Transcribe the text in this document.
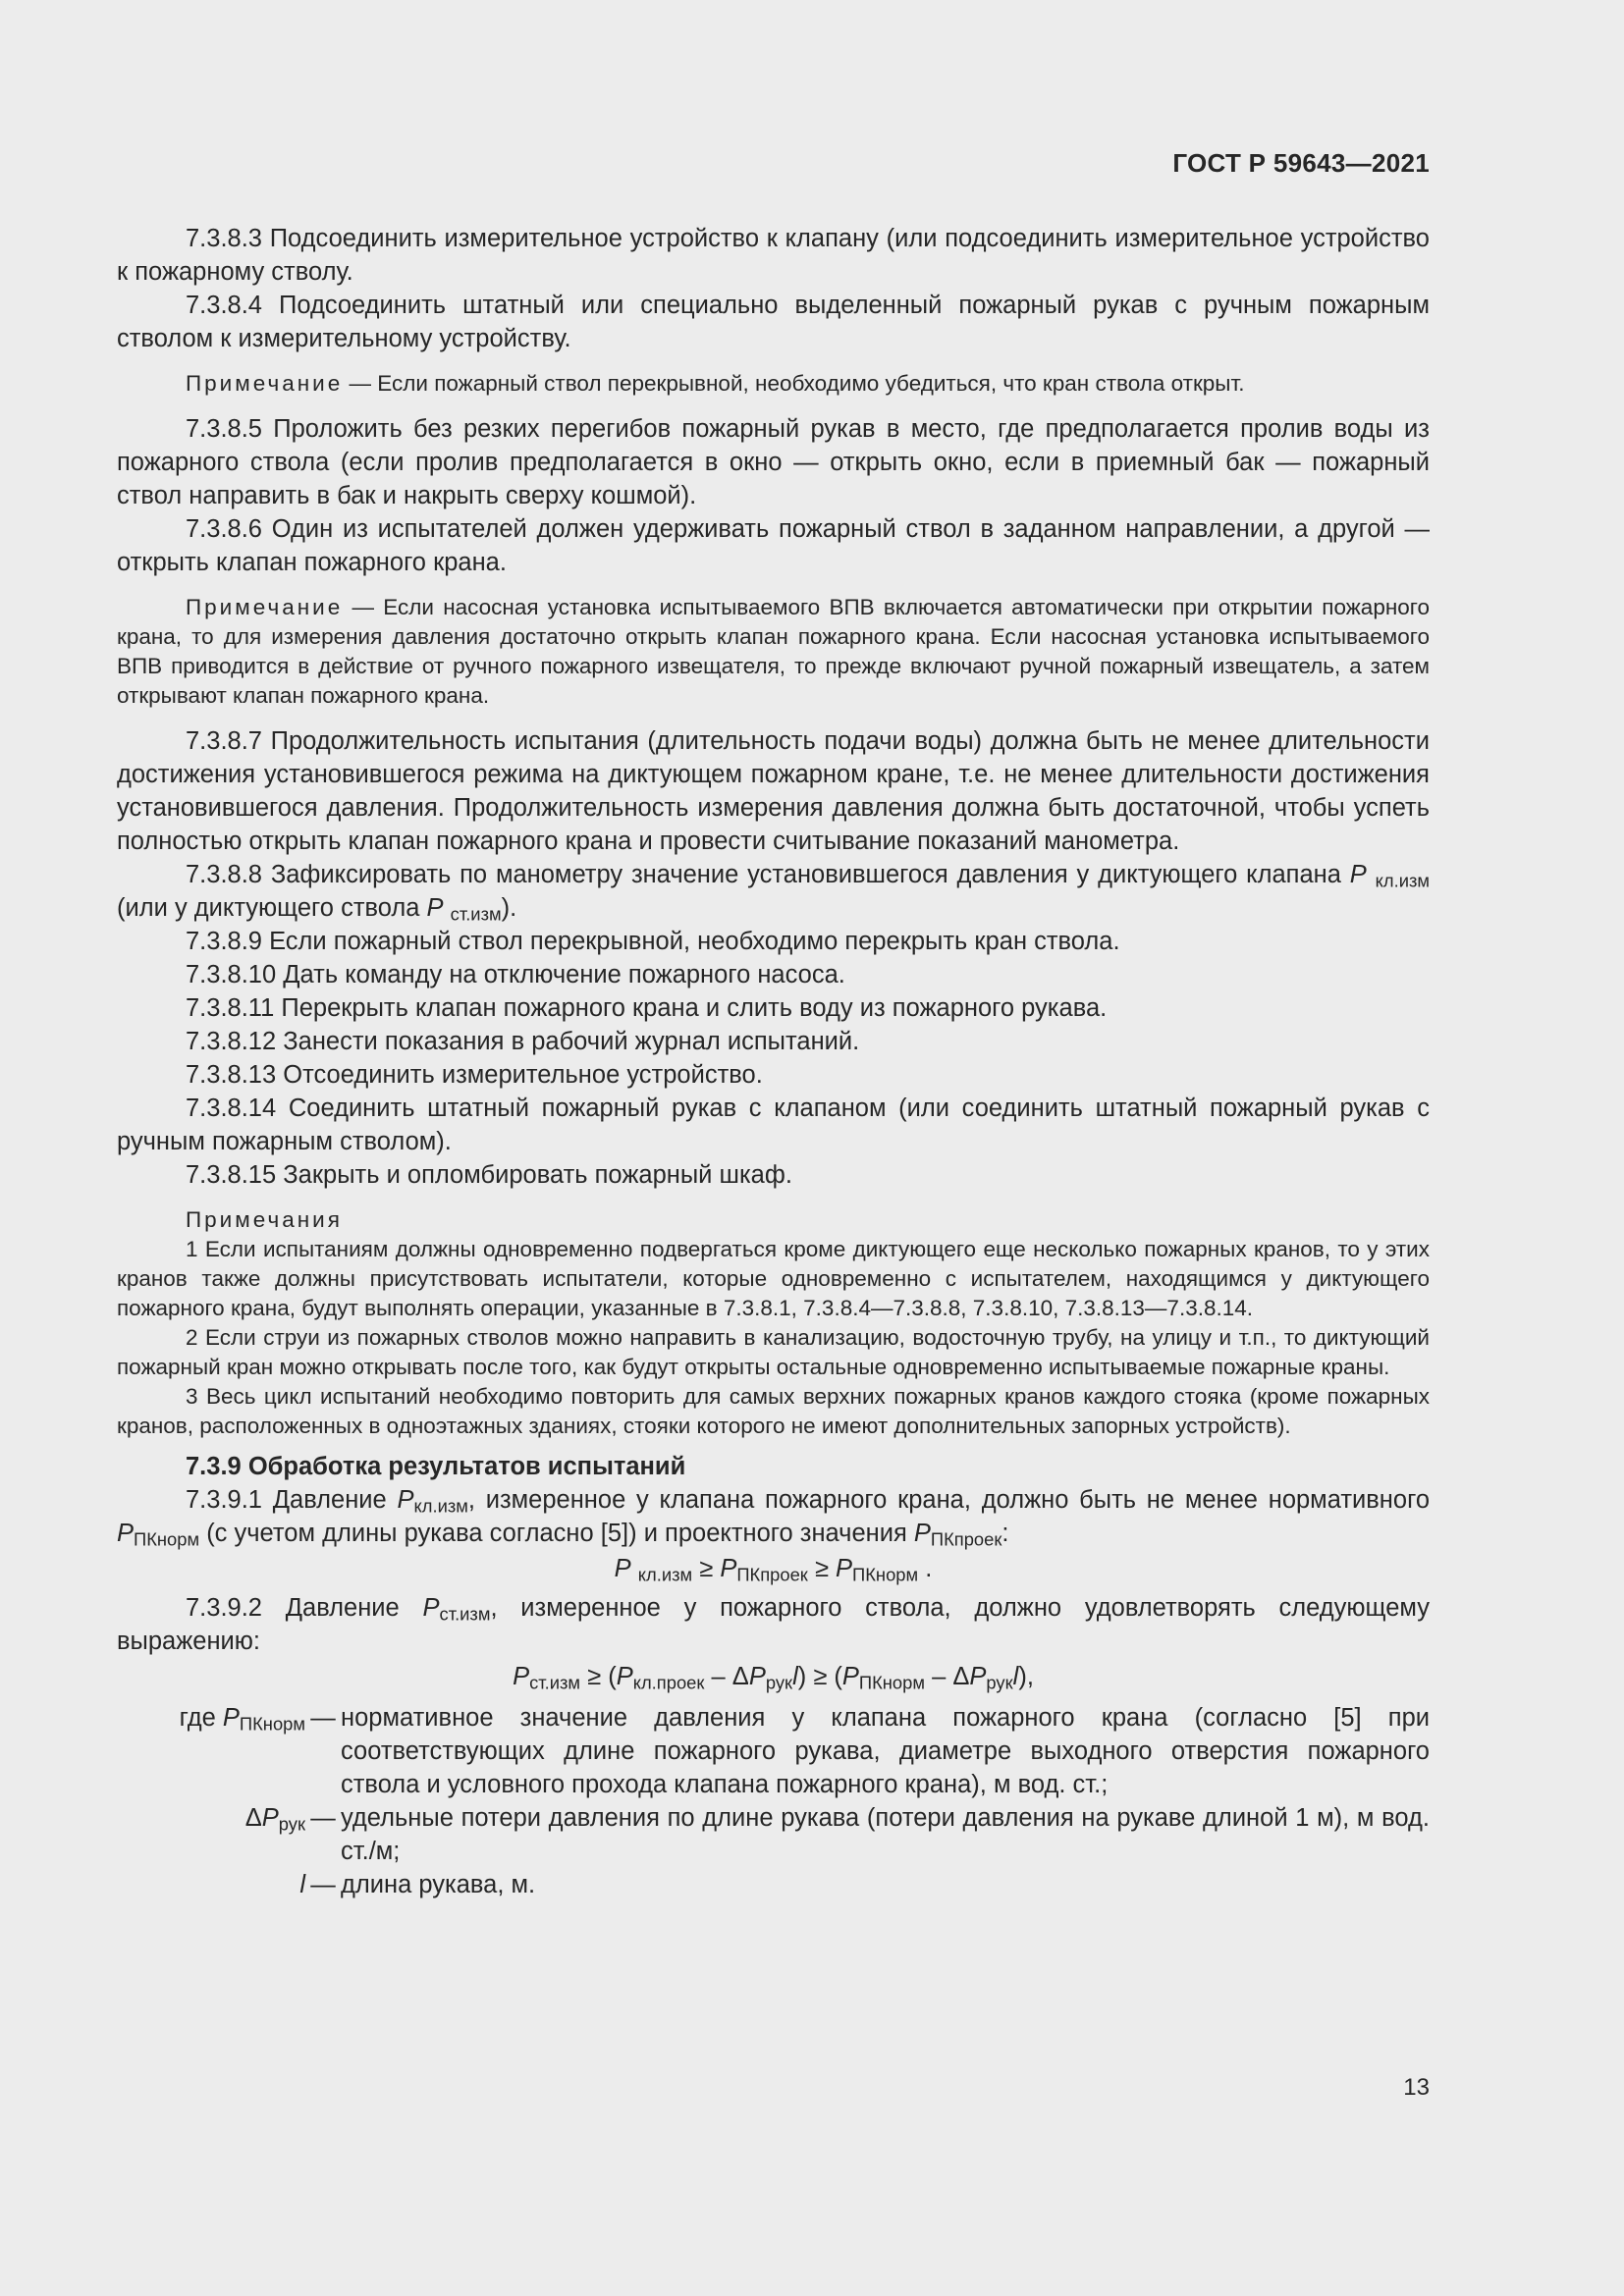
ГОСТ Р 59643—2021

7.3.8.3 Подсоединить измерительное устройство к клапану (или подсоединить измерительное устройство к пожарному стволу.

7.3.8.4 Подсоединить штатный или специально выделенный пожарный рукав с ручным пожарным стволом к измерительному устройству.

Примечание — Если пожарный ствол перекрывной, необходимо убедиться, что кран ствола открыт.

7.3.8.5 Проложить без резких перегибов пожарный рукав в место, где предполагается пролив воды из пожарного ствола (если пролив предполагается в окно — открыть окно, если в приемный бак — пожарный ствол направить в бак и накрыть сверху кошмой).

7.3.8.6 Один из испытателей должен удерживать пожарный ствол в заданном направлении, а другой — открыть клапан пожарного крана.

Примечание — Если насосная установка испытываемого ВПВ включается автоматически при открытии пожарного крана, то для измерения давления достаточно открыть клапан пожарного крана. Если насосная установка испытываемого ВПВ приводится в действие от ручного пожарного извещателя, то прежде включают ручной пожарный извещатель, а затем открывают клапан пожарного крана.

7.3.8.7 Продолжительность испытания (длительность подачи воды) должна быть не менее длительности достижения установившегося режима на диктующем пожарном кране, т.е. не менее длительности достижения установившегося давления. Продолжительность измерения давления должна быть достаточной, чтобы успеть полностью открыть клапан пожарного крана и провести считывание показаний манометра.

7.3.8.8 Зафиксировать по манометру значение установившегося давления у диктующего клапана P $_{кл.изм}$ (или у диктующего ствола P $_{ст.изм}$).

7.3.8.9 Если пожарный ствол перекрывной, необходимо перекрыть кран ствола.

7.3.8.10 Дать команду на отключение пожарного насоса.

7.3.8.11 Перекрыть клапан пожарного крана и слить воду из пожарного рукава.

7.3.8.12 Занести показания в рабочий журнал испытаний.

7.3.8.13 Отсоединить измерительное устройство.

7.3.8.14 Соединить штатный пожарный рукав с клапаном (или соединить штатный пожарный рукав с ручным пожарным стволом).

7.3.8.15 Закрыть и опломбировать пожарный шкаф.

Примечания

1 Если испытаниям должны одновременно подвергаться кроме диктующего еще несколько пожарных кранов, то у этих кранов также должны присутствовать испытатели, которые одновременно с испытателем, находящимся у диктующего пожарного крана, будут выполнять операции, указанные в 7.3.8.1, 7.3.8.4—7.3.8.8, 7.3.8.10, 7.3.8.13—7.3.8.14.

2 Если струи из пожарных стволов можно направить в канализацию, водосточную трубу, на улицу и т.п., то диктующий пожарный кран можно открывать после того, как будут открыты остальные одновременно испытываемые пожарные краны.

3 Весь цикл испытаний необходимо повторить для самых верхних пожарных кранов каждого стояка (кроме пожарных кранов, расположенных в одноэтажных зданиях, стояки которого не имеют дополнительных запорных устройств).

7.3.9 Обработка результатов испытаний

7.3.9.1 Давление $P_{кл.изм}$, измеренное у клапана пожарного крана, должно быть не менее нормативного $P_{ПКнорм}$ (с учетом длины рукава согласно [5]) и проектного значения $P_{ПКпроек}$:

P $_{кл.изм} \ge P_{ПКпроек} \ge P_{ПКнорм}$ .

7.3.9.2 Давление $P_{ст.изм}$, измеренное у пожарного ствола, должно удовлетворять следующему выражению:

$P_{ст.изм} \ge (P_{кл.проек} - \Delta P_{рук}l) \ge (P_{ПКнорм} - \Delta P_{рук}l)$,

где $P_{ПКнорм}$ — нормативное значение давления у клапана пожарного крана (согласно [5] при соответствующих длине пожарного рукава, диаметре выходного отверстия пожарного ствола и условного прохода клапана пожарного крана), м вод. ст.;
$\Delta P_{рук}$ — удельные потери давления по длине рукава (потери давления на рукаве длиной 1 м), м вод. ст./м;
l — длина рукава, м.
13
